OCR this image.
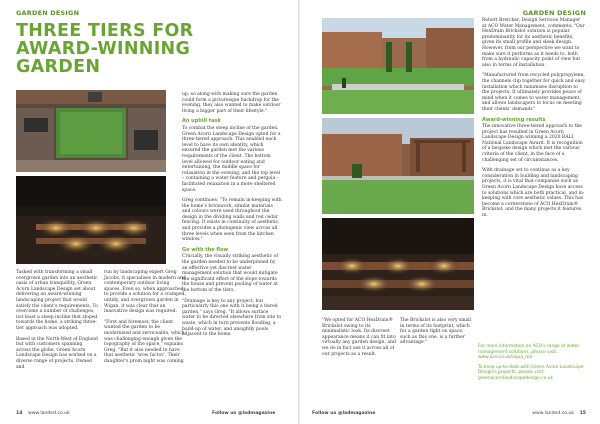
GARDEN DESIGN
THREE TIERS FOR
AWARD-WINNING
GARDEN

Tasked with transforming a small overgrown garden into an aesthetic oasis of urban tranquillity, Green Acorn Landscape Design set about delivering an award-winning landscaping project that would satisfy the client's requirements. To overcome a number of challenges, not least a steep incline that sloped towards the home, a striking three-tier approach was adopted.

Based in the North-West of England but with customers spanning across the globe, Green Acorn Landscape Design has worked on a diverse range of projects. Owned and

run by landscaping expert Greg Jacobs, it specialises in modern and contemporary outdoor living spaces. Even so, when approached to provide a solution for a cramped, untidy, and overgrown garden in Wigan, it was clear that an innovative design was required.

"First and foremost, the client wanted the garden to be modernised and serviceable, which was challenging enough given the topography of the space," explains Greg. "But it also needed to have that aesthetic 'wow factor'. Their daughter's prom night was coming

up, so along with making sure the garden could form a picturesque backdrop for the evening, they also wanted to make outdoor living a bigger part of their lifestyle."

An uphill task

To combat the steep incline of the garden, Green Acorn Landscape Design opted for a three-tiered approach. This enabled each level to have its own identity, which ensured the garden met the various requirements of the client. The bottom level allowed for outdoor eating and entertaining, the middle space for relaxation in the evening, and the top level – containing a water feature and pergola – facilitated relaxation in a more sheltered space.

Greg continues: "To remain in-keeping with the home's brickwork, similar materials and colours were used throughout the design in the dividing walls and red cedar fencing. It exists in continuity of aesthetic, and provides a photogenic view across all three levels when seen from the kitchen window."

Go with the flow

Crucially, the visually striking aesthetic of the garden needed to be underpinned by an effective yet discreet water management solution that would mitigate the significant effect of the slope towards the house and prevent pooling of water at the bottom of the tiers.

"Drainage is key to any project, but particularly this one with it being a tiered garden," says Greg. "It allows surface water to be directed elsewhere from site to waste, which in turn prevents flooding, a build-up of water, and unsightly pools adjacent to the home.

14 www.landed.co.uk	Follow us @ladmagazine
GARDEN DESIGN

Robert Bretcher, Design Services Manager at ACO Water Management, comments: "Our HexDrain Brickslot solution is popular predominantly for its aesthetic benefits, given its small profile and sleek design. However, from our perspective we want to make sure it performs as it needs to, both from a hydraulic capacity point of view but also in terms of installation.

"Manufactured from recycled polypropylene, the channels clip together for quick and easy installation which minimises disruption to the projects. It ultimately provides peace of mind when it comes to water management, and allows landscapers to focus on meeting their clients' demands"

Award-winning results

The innovative three-tiered approach to the project has resulted in Green Acorn Landscape Design winning a 2020 BALI National Landscape Award. It is recognition of a bespoke design which met the various criteria of the client, in the face of a challenging set of circumstances.

With drainage set to continue as a key consideration in building and landscaping projects, it is vital that companies such as Green Acorn Landscape Design have access to solutions which are both practical, and in-keeping with core aesthetic values. This has become a cornerstone of ACO HexDrain® Brickslot, and the many projects it features in.

"We opted for ACO HexDrain® Brickslot owing to its minimalistic look. Its discreet appearance means it can fit into virtually any garden design, and we do in fact use it across all of our projects as a result.

The Brickslot is also very small in terms of its footprint, which for a garden tight on space, such as this one, is a further advantage."

Follow us @ladmagazine	www.landed.co.uk 15

For more information on ACO's range of water management solutions, please visit: www.aco.co.uk/aqua_ma

To keep up-to-date with Green Acorn Landscape Design's projects, please visit: greenacornlandscapedesign.co.uk
